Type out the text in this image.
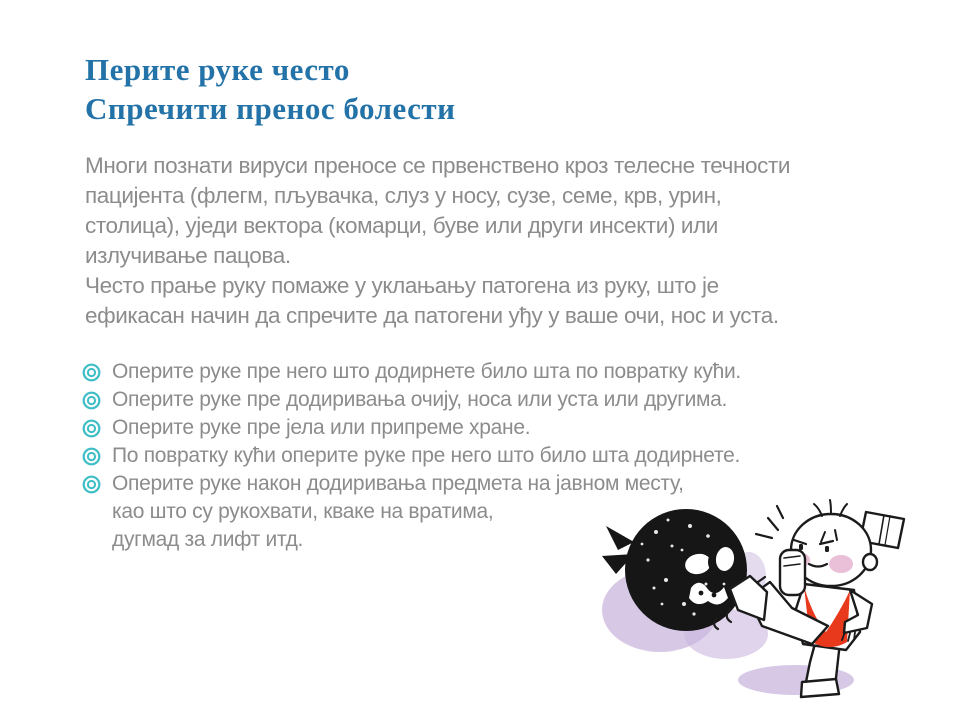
Перите руке често
Спречити пренос болести
Многи познати вируси преносе се првенствено кроз телесне течности
пацијента (флегм, пљувачка, слуз у носу, сузе, семе, крв, урин,
столица), уједи вектора (комарци, буве или други инсекти) или
излучивање пацова.
Често прање руку помаже у уклањању патогена из руку, што је
ефикасан начин да спречите да патогени уђу у ваше очи, нос и уста.
Оперите руке пре него што додирнете било шта по повратку кући.
Оперите руке пре додиривања очију, носа или уста или другима.
Оперите руке пре јела или припреме хране.
По повратку кући оперите руке пре него што било шта додирнете.
Оперите руке након додиривања предмета на јавном месту,
као што су рукохвати, кваке на вратима,
дугмад за лифт итд.
